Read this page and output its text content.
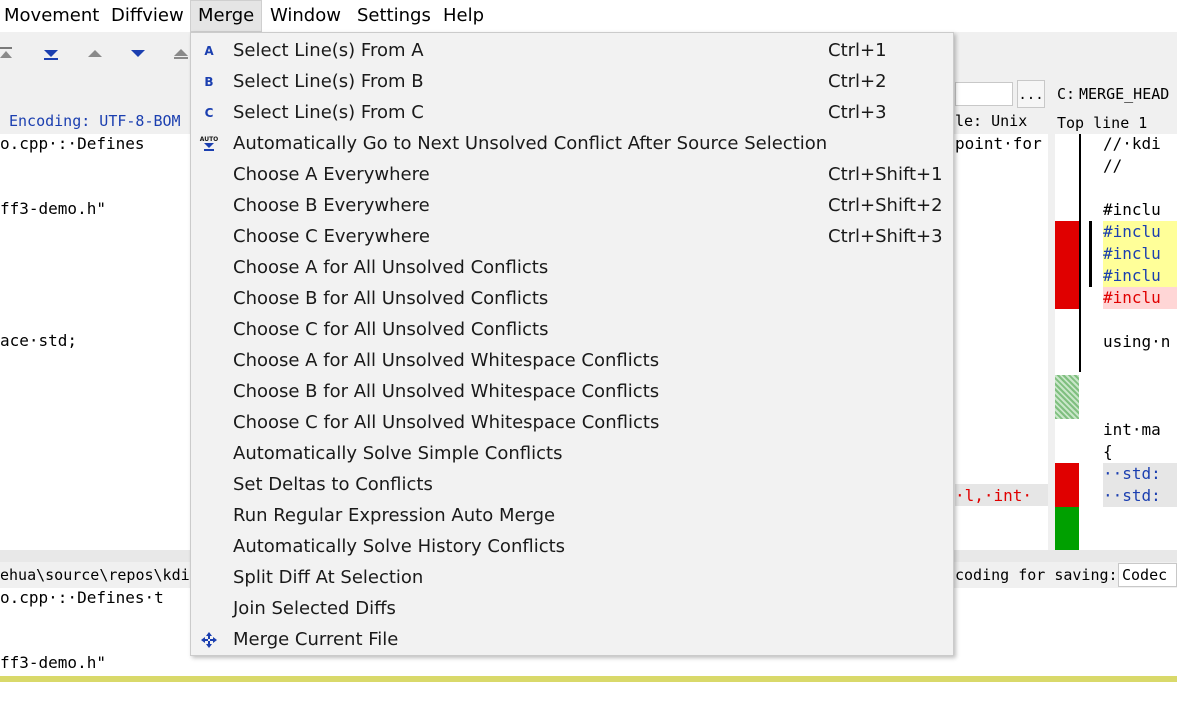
Movement Diffview Merge Window Settings Help
... C: MERGE_HEAD
Encoding: UTF-8-BOM	le: Unix Top line 1
o.cpp·:·Defines
ff3-demo.h"
ace·std;
point·for
·l,·int·
//·kdi
//
#inclu
#inclu
#inclu
#inclu
#inclu
using·n
int·ma
{
··std:
··std:
ehua\source\repos\kdi	coding for saving: Codec
o.cpp·:·Defines·t
ff3-demo.h"
A Select Line(s) From A	Ctrl+1
B	Select Line(s) From B	Ctrl+2
C	Select Line(s) From C	Ctrl+3
AUTO Automatically Go to Next Unsolved Conflict After Source Selection
Choose A Everywhere	Ctrl+Shift+1
Choose B Everywhere	Ctrl+Shift+2
Choose C Everywhere	Ctrl+Shift+3
Choose A for All Unsolved Conflicts
Choose B for All Unsolved Conflicts
Choose C for All Unsolved Conflicts
Choose A for All Unsolved Whitespace Conflicts
Choose B for All Unsolved Whitespace Conflicts
Choose C for All Unsolved Whitespace Conflicts
Automatically Solve Simple Conflicts
Set Deltas to Conflicts
Run Regular Expression Auto Merge
Automatically Solve History Conflicts
Split Diff At Selection
Join Selected Diffs
Merge Current File
